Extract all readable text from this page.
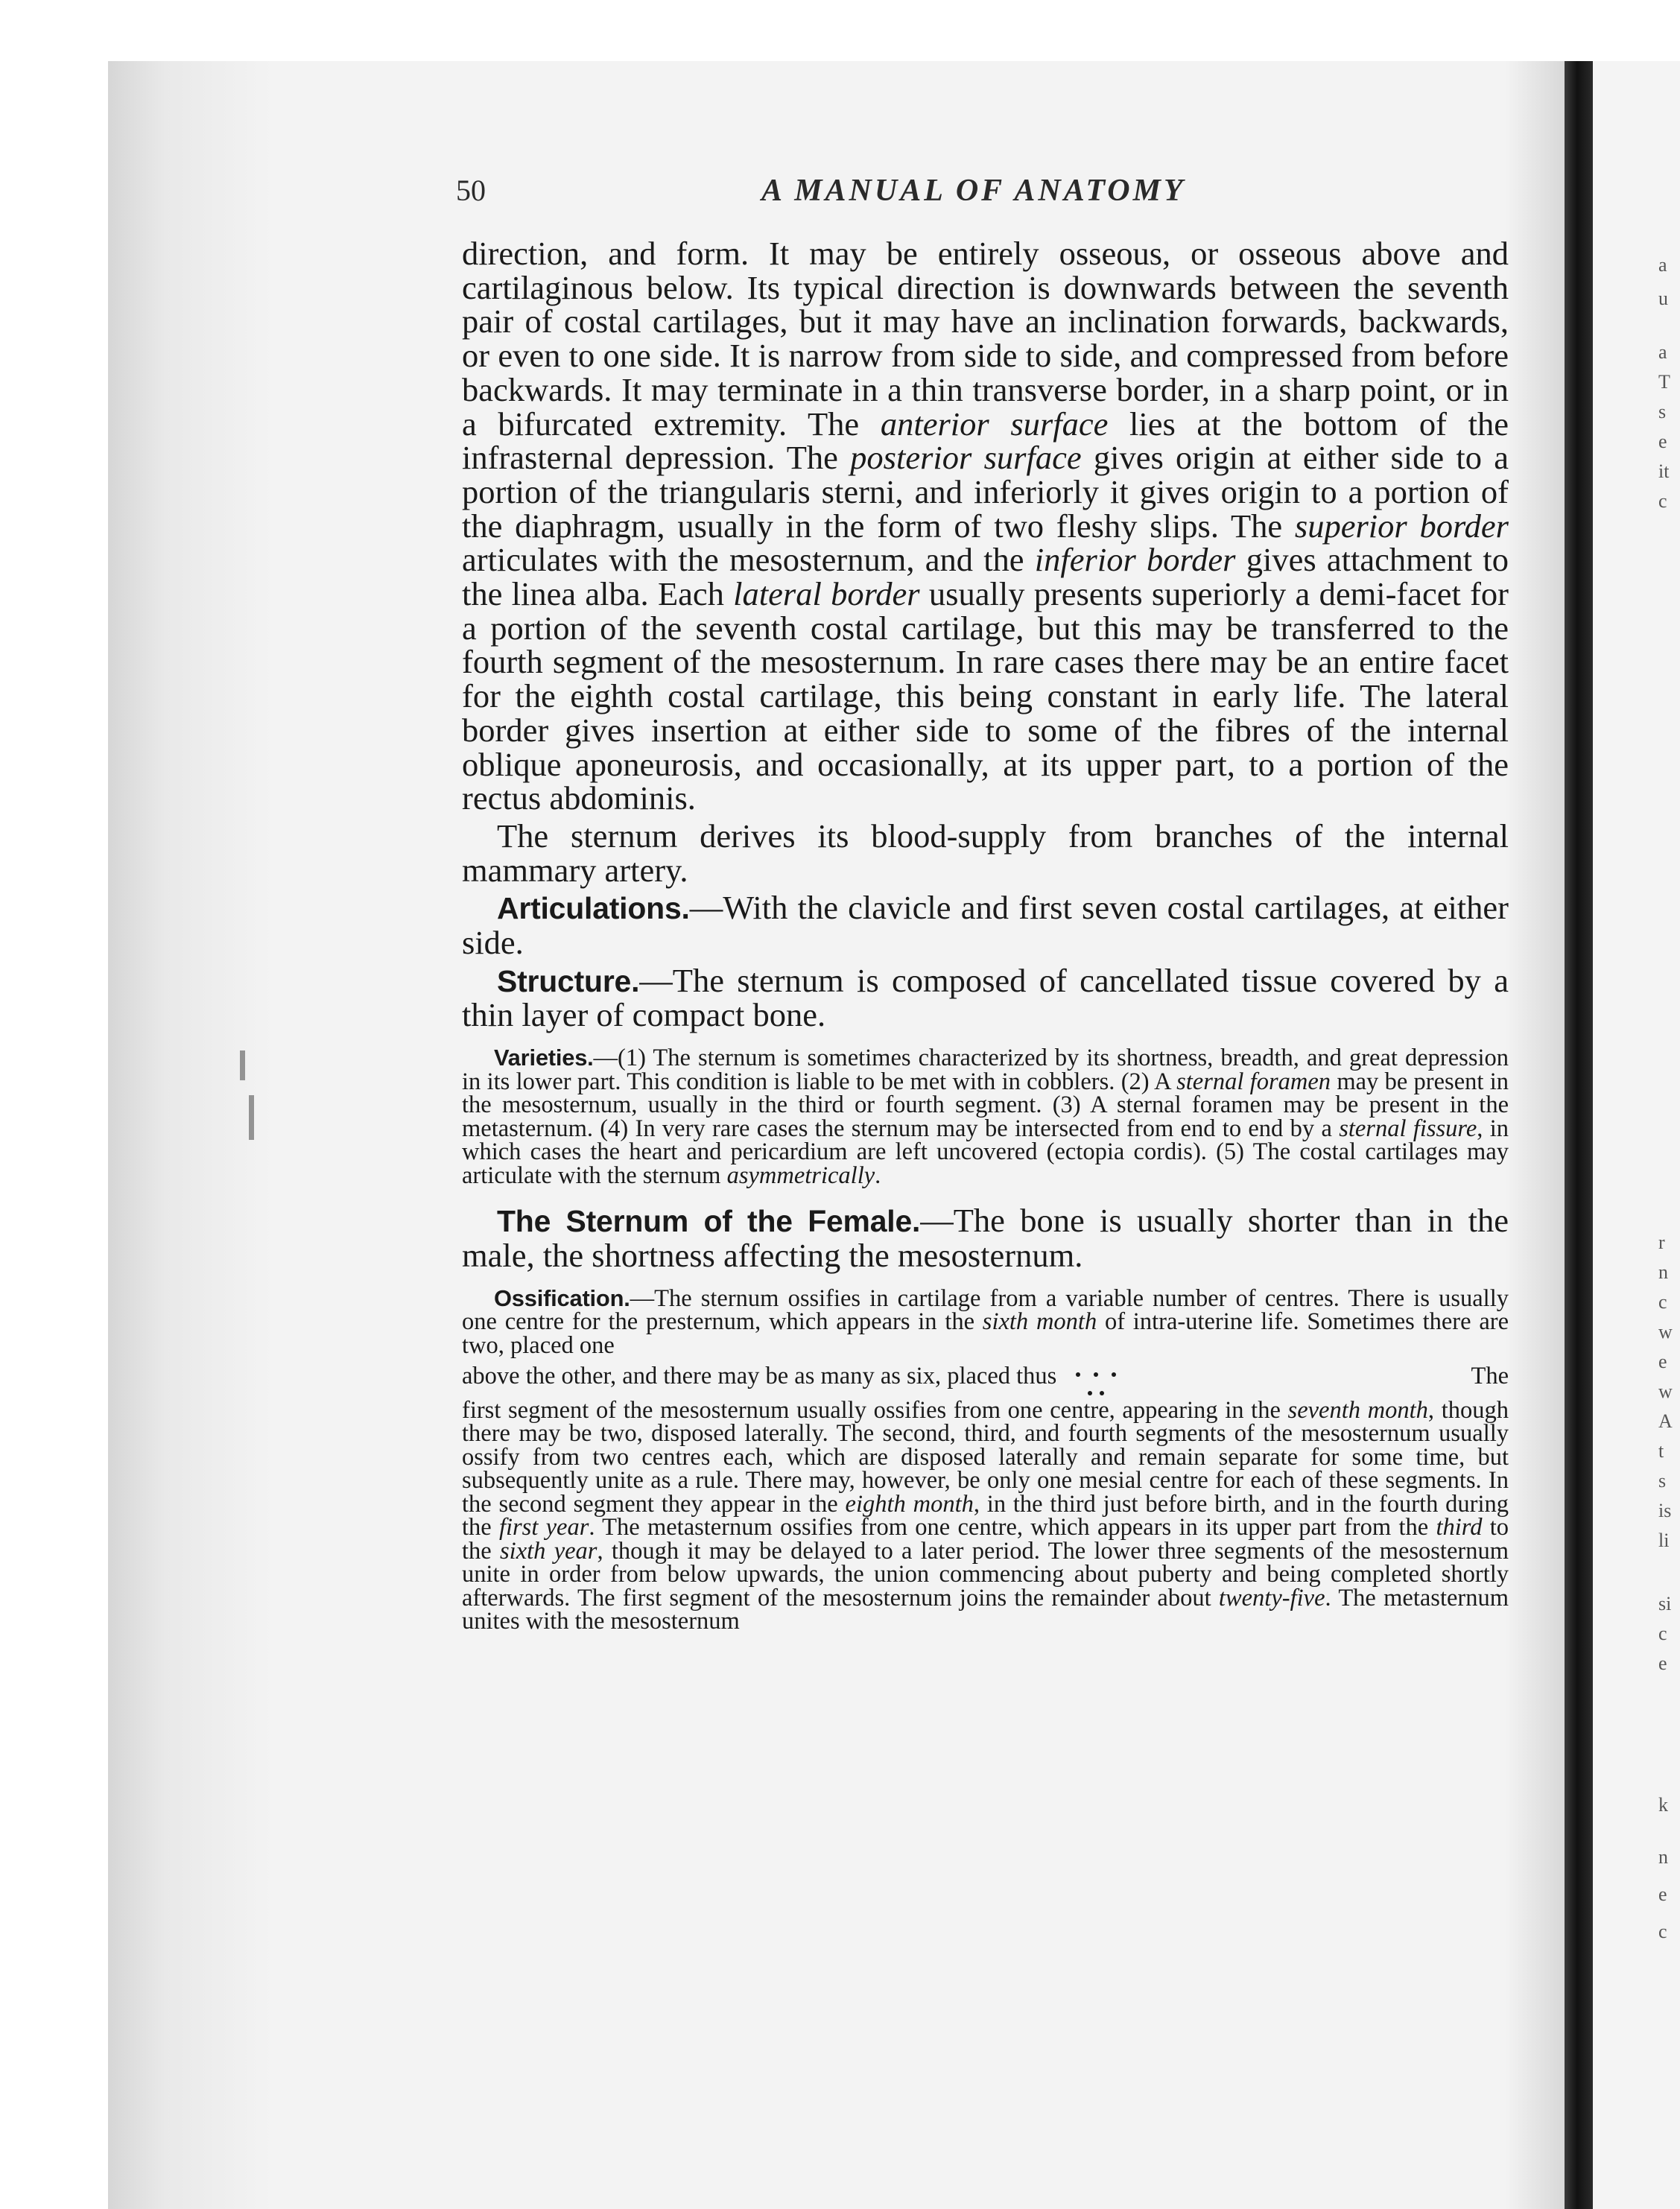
a
u
a
T
s
e
it
c
r
n
c
w
e
w
A
t
s
is
li
si
c
e
k
n
e
c
50	A MANUAL OF ANATOMY

direction, and form. It may be entirely osseous, or osseous above and cartilaginous below. Its typical direction is downwards between the seventh pair of costal cartilages, but it may have an inclination forwards, backwards, or even to one side. It is narrow from side to side, and compressed from before backwards. It may terminate in a thin transverse border, in a sharp point, or in a bifurcated extremity. The anterior surface lies at the bottom of the infrasternal depression. The posterior surface gives origin at either side to a portion of the triangularis sterni, and inferiorly it gives origin to a portion of the diaphragm, usually in the form of two fleshy slips. The superior border articulates with the mesosternum, and the inferior border gives attachment to the linea alba. Each lateral border usually presents superiorly a demi-facet for a portion of the seventh costal cartilage, but this may be transferred to the fourth segment of the mesosternum. In rare cases there may be an entire facet for the eighth costal cartilage, this being constant in early life. The lateral border gives insertion at either side to some of the fibres of the internal oblique aponeurosis, and occasionally, at its upper part, to a portion of the rectus abdominis.

The sternum derives its blood-supply from branches of the internal mammary artery.

Articulations.—With the clavicle and first seven costal cartilages, at either side.

Structure.—The sternum is composed of cancellated tissue covered by a thin layer of compact bone.

Varieties.—(1) The sternum is sometimes characterized by its shortness, breadth, and great depression in its lower part. This condition is liable to be met with in cobblers. (2) A sternal foramen may be present in the mesosternum, usually in the third or fourth segment. (3) A sternal foramen may be present in the metasternum. (4) In very rare cases the sternum may be intersected from end to end by a sternal fissure, in which cases the heart and pericardium are left uncovered (ectopia cordis). (5) The costal cartilages may articulate with the sternum asymmetrically.

The Sternum of the Female.—The bone is usually shorter than in the male, the shortness affecting the mesosternum.

Ossification.—The sternum ossifies in cartilage from a variable number of centres. There is usually one centre for the presternum, which appears in the sixth month of intra-uterine life. Sometimes there are two, placed one

above the other, and there may be as many as six, placed thus	The

first segment of the mesosternum usually ossifies from one centre, appearing in the seventh month, though there may be two, disposed laterally. The second, third, and fourth segments of the mesosternum usually ossify from two centres each, which are disposed laterally and remain separate for some time, but subsequently unite as a rule. There may, however, be only one mesial centre for each of these segments. In the second segment they appear in the eighth month, in the third just before birth, and in the fourth during the first year. The metasternum ossifies from one centre, which appears in its upper part from the third to the sixth year, though it may be delayed to a later period. The lower three segments of the mesosternum unite in order from below upwards, the union commencing about puberty and being completed shortly afterwards. The first segment of the mesosternum joins the remainder about twenty-five. The metasternum unites with the mesosternum
